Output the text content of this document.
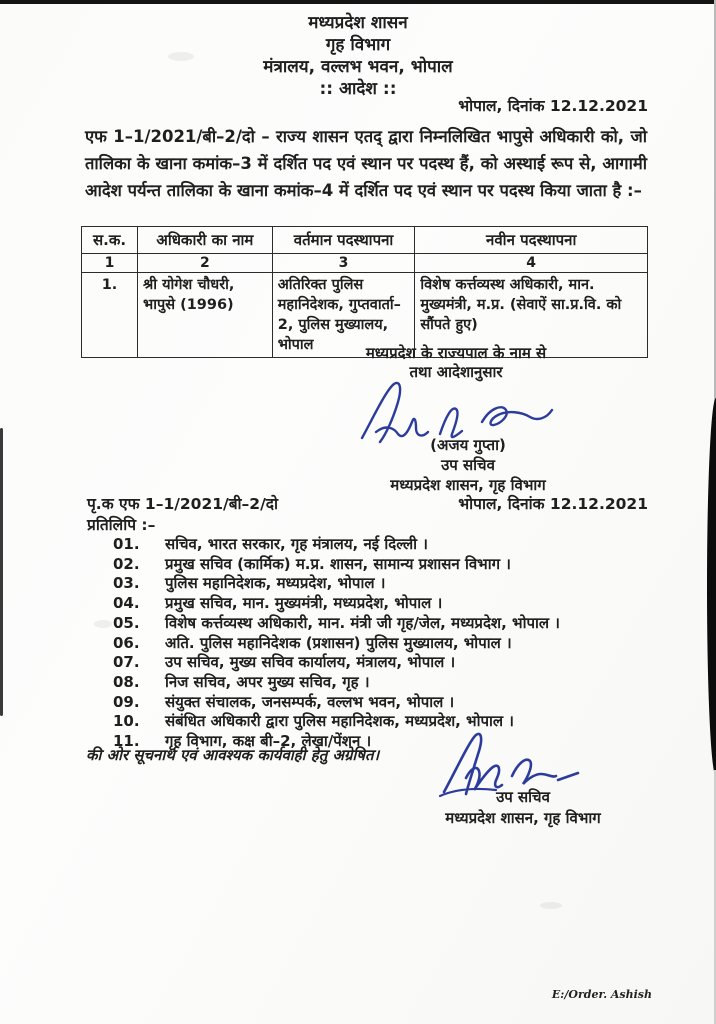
मध्यप्रदेश शासन
गृह विभाग
मंत्रालय, वल्लभ भवन, भोपाल
:: आदेश ::
भोपाल, दिनांक 12.12.2021

एफ 1–1/2021/बी–2/दो – राज्य शासन एतद् द्वारा निम्नलिखित भापुसे अधिकारी को, जो तालिका के खाना कमांक–3 में दर्शित पद एवं स्थान पर पदस्थ हैं, को अस्थाई रूप से, आगामी आदेश पर्यन्त तालिका के खाना कमांक–4 में दर्शित पद एवं स्थान पर पदस्थ किया जाता है :–

स.क.	अधिकारी का नाम	वर्तमान पदस्थापना	नवीन पदस्थापना
1	2	3	4
1.	श्री योगेश चौधरी, भापुसे (1996)	अतिरिक्त पुलिस महानिदेशक, गुप्तवार्ता–2, पुलिस मुख्यालय, भोपाल	विशेष कर्त्तव्यस्थ अधिकारी, मान. मुख्यमंत्री, म.प्र. (सेवाऐं सा.प्र.वि. को सौंपते हुए)
मध्यप्रदेश के राज्यपाल के नाम से
तथा आदेशानुसार
(अजय गुप्ता)
उप सचिव
मध्यप्रदेश शासन, गृह विभाग
पृ.क एफ 1–1/2021/बी–2/दो	भोपाल, दिनांक 12.12.2021
प्रतिलिपि :–
01.	सचिव, भारत सरकार, गृह मंत्रालय, नई दिल्ली ।
02.	प्रमुख सचिव (कार्मिक) म.प्र. शासन, सामान्य प्रशासन विभाग ।
03.	पुलिस महानिदेशक, मध्यप्रदेश, भोपाल ।
04.	प्रमुख सचिव, मान. मुख्यमंत्री, मध्यप्रदेश, भोपाल ।
05.	विशेष कर्त्तव्यस्थ अधिकारी, मान. मंत्री जी गृह/जेल, मध्यप्रदेश, भोपाल ।
06.	अति. पुलिस महानिदेशक (प्रशासन) पुलिस मुख्यालय, भोपाल ।
07.	उप सचिव, मुख्य सचिव कार्यालय, मंत्रालय, भोपाल ।
08.	निज सचिव, अपर मुख्य सचिव, गृह ।
09.	संयुक्त संचालक, जनसम्पर्क, वल्लभ भवन, भोपाल ।
10.	संबंधित अधिकारी द्वारा पुलिस महानिदेशक, मध्यप्रदेश, भोपाल ।
11.	गृह विभाग, कक्ष बी–2, लेखा/पेंशन ।
की ओर सूचनार्थ एवं आवश्यक कार्यवाही हेतु अग्रेषित।
उप सचिव
मध्यप्रदेश शासन, गृह विभाग
E:/Order. Ashish
